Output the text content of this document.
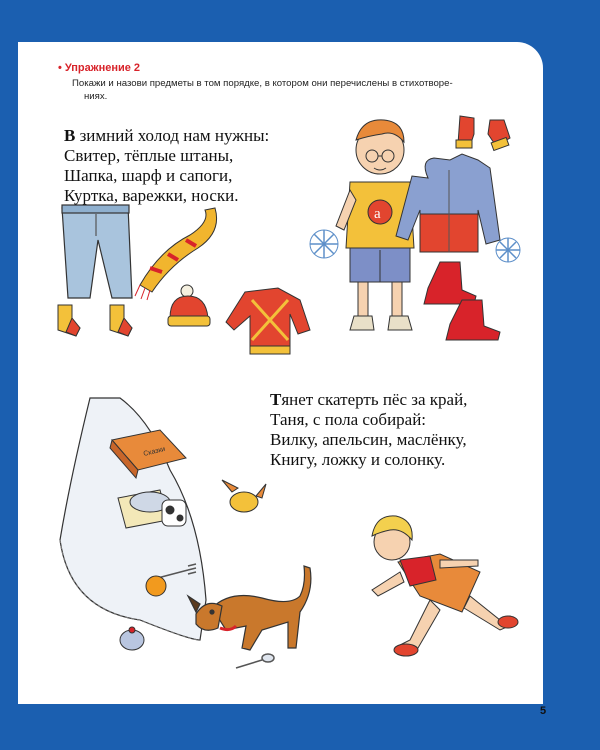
• Упражнение 2
Покажи и назови предметы в том порядке, в котором они перечислены в стихотворе-
ниях.
В зимний холод нам нужны:
Свитер, тёплые штаны,
Шапка, шарф и сапоги,
Куртка, варежки, носки.
Тянет скатерть пёс за край,
Таня, с пола собирай:
Вилку, апельсин, маслёнку,
Книгу, ложку и солонку.
а
Сказки
5
